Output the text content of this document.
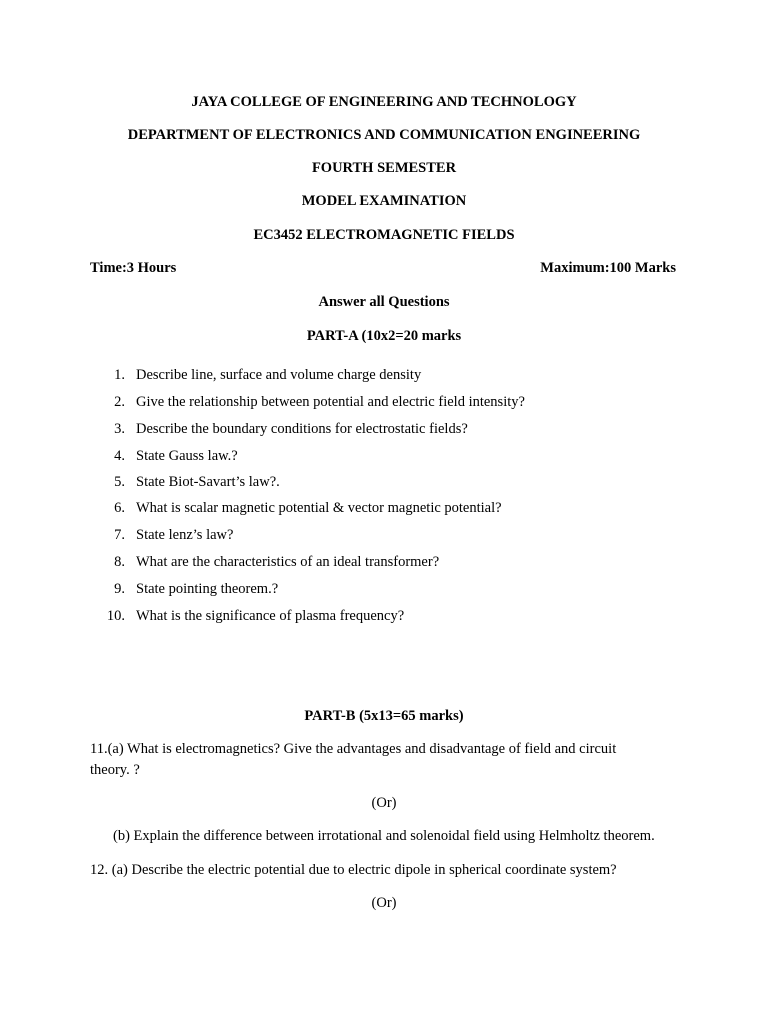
JAYA COLLEGE OF ENGINEERING AND TECHNOLOGY
DEPARTMENT OF ELECTRONICS AND COMMUNICATION ENGINEERING
FOURTH SEMESTER
MODEL EXAMINATION
EC3452 ELECTROMAGNETIC FIELDS
Time:3 Hours	Maximum:100 Marks
Answer all Questions
PART-A (10x2=20 marks
1. Describe line, surface and volume charge density
2. Give the relationship between potential and electric field intensity?
3. Describe the boundary conditions for electrostatic fields?
4. State Gauss law.?
5. State Biot-Savart’s law?.
6. What is scalar magnetic potential & vector magnetic potential?
7. State lenz’s law?
8. What are the characteristics of an ideal transformer?
9. State pointing theorem.?
10. What is the significance of plasma frequency?
PART-B (5x13=65 marks)
11.(a) What is electromagnetics? Give the advantages and disadvantage of field and circuit
theory. ?
(Or)
(b) Explain the difference between irrotational and solenoidal field using Helmholtz theorem.
12. (a) Describe the electric potential due to electric dipole in spherical coordinate system?
(Or)
